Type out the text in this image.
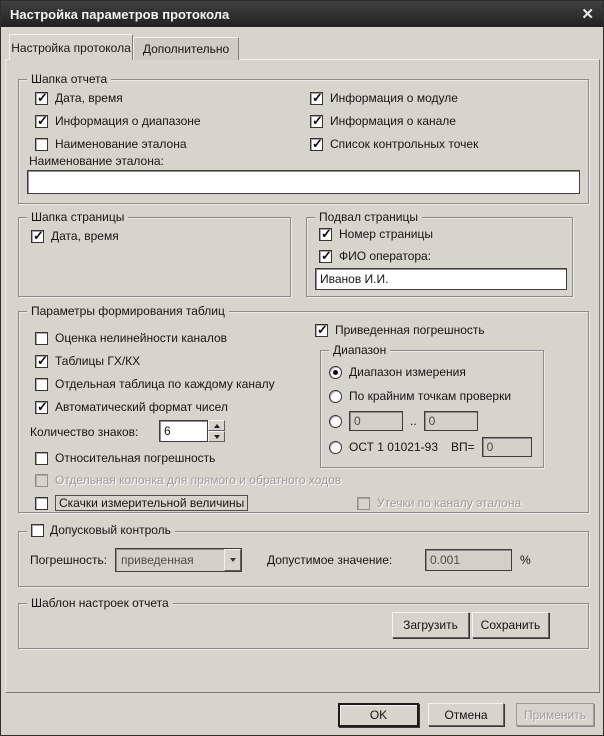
Настройка параметров протокола	✕
Настройка протокола Дополнительно
Шапка отчета
✓
Дата, время
✓
Информация о диапазоне
Наименование эталона
✓
Информация о модуле
✓
Информация о канале
✓
Список контрольных точек
Наименование эталона:
Шапка страницы
✓
Дата, время
Подвал страницы
✓
Номер страницы
✓
ФИО оператора:
Иванов И.И.
Параметры формирования таблиц
Оценка нелинейности каналов
✓
Таблицы ГХ/КХ
Отдельная таблица по каждому каналу
✓
Автоматический формат чисел
Количество знаков:
6
Относительная погрешность
Отдельная колонка для прямого и обратного ходов
Скачки измерительной величины
✓
Приведенная погрешность
Диапазон
Диапазон измерения
По крайним точкам проверки
0
..
0
ОСТ 1 01021-93 ВП=
0
Утечки по каналу эталона
Допусковый контроль
Погрешность:	приведенная	Допустимое значение:
0.001	%
Шаблон настроек отчета
Загрузить Сохранить
OK	Отмена	Применить
